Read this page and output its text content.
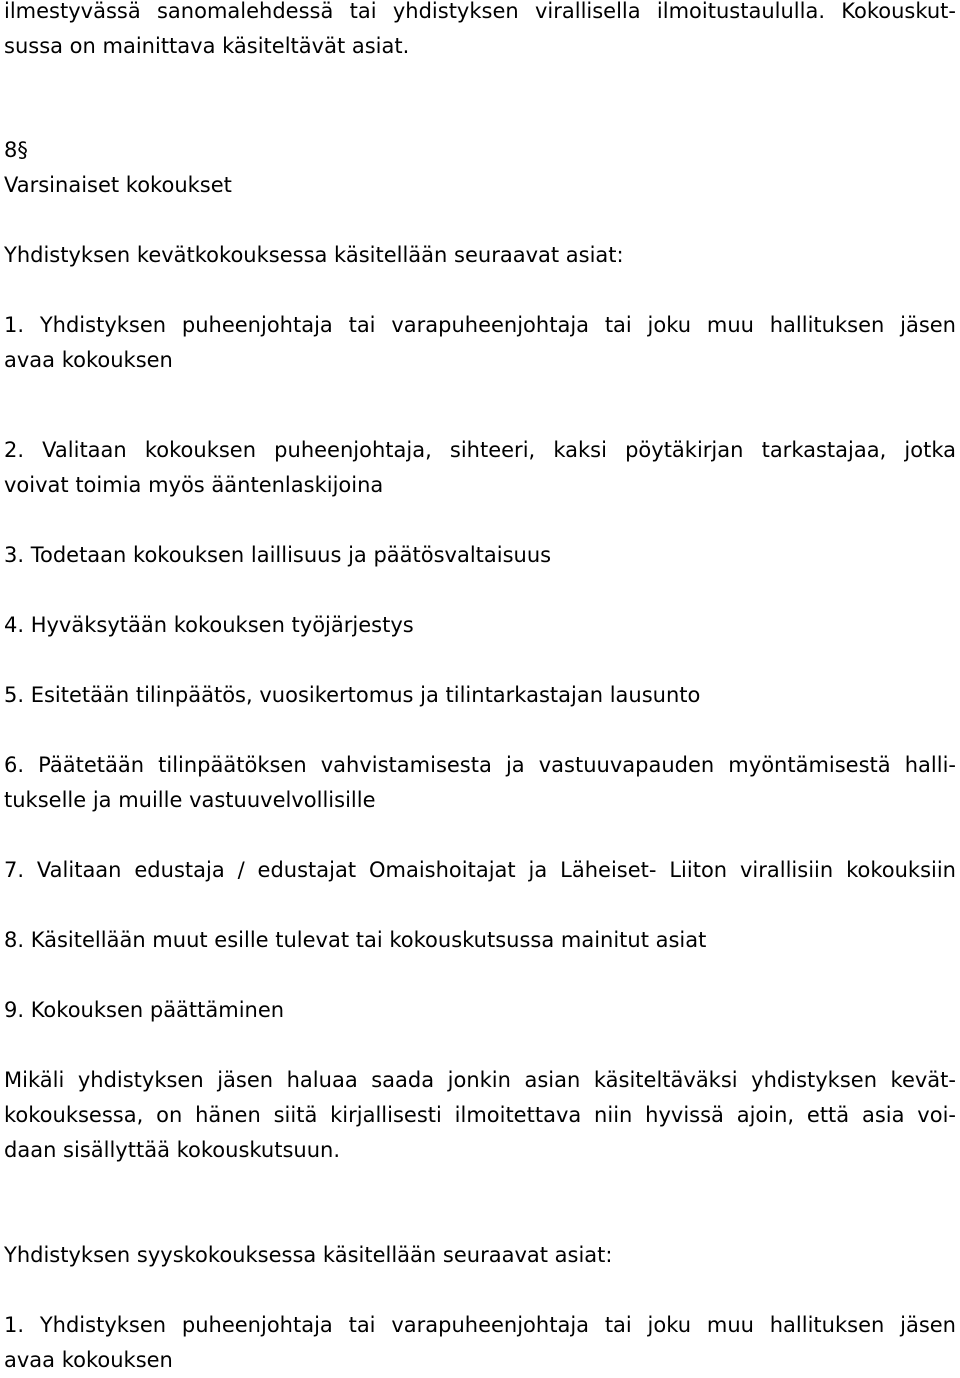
ilmestyvässä sanomalehdessä tai yhdistyksen virallisella ilmoitustaululla. Kokouskut-
sussa on mainittava käsiteltävät asiat.
8§
Varsinaiset kokoukset
Yhdistyksen kevätkokouksessa käsitellään seuraavat asiat:
1. Yhdistyksen puheenjohtaja tai varapuheenjohtaja tai joku muu hallituksen jäsen
avaa kokouksen
2. Valitaan kokouksen puheenjohtaja, sihteeri, kaksi pöytäkirjan tarkastajaa, jotka
voivat toimia myös ääntenlaskijoina
3. Todetaan kokouksen laillisuus ja päätösvaltaisuus
4. Hyväksytään kokouksen työjärjestys
5. Esitetään tilinpäätös, vuosikertomus ja tilintarkastajan lausunto
6. Päätetään tilinpäätöksen vahvistamisesta ja vastuuvapauden myöntämisestä halli-
tukselle ja muille vastuuvelvollisille
7. Valitaan edustaja / edustajat Omaishoitajat ja Läheiset- Liiton virallisiin kokouksiin
8. Käsitellään muut esille tulevat tai kokouskutsussa mainitut asiat
9. Kokouksen päättäminen
Mikäli yhdistyksen jäsen haluaa saada jonkin asian käsiteltäväksi yhdistyksen kevät-
kokouksessa, on hänen siitä kirjallisesti ilmoitettava niin hyvissä ajoin, että asia voi-
daan sisällyttää kokouskutsuun.
Yhdistyksen syyskokouksessa käsitellään seuraavat asiat:
1. Yhdistyksen puheenjohtaja tai varapuheenjohtaja tai joku muu hallituksen jäsen
avaa kokouksen
